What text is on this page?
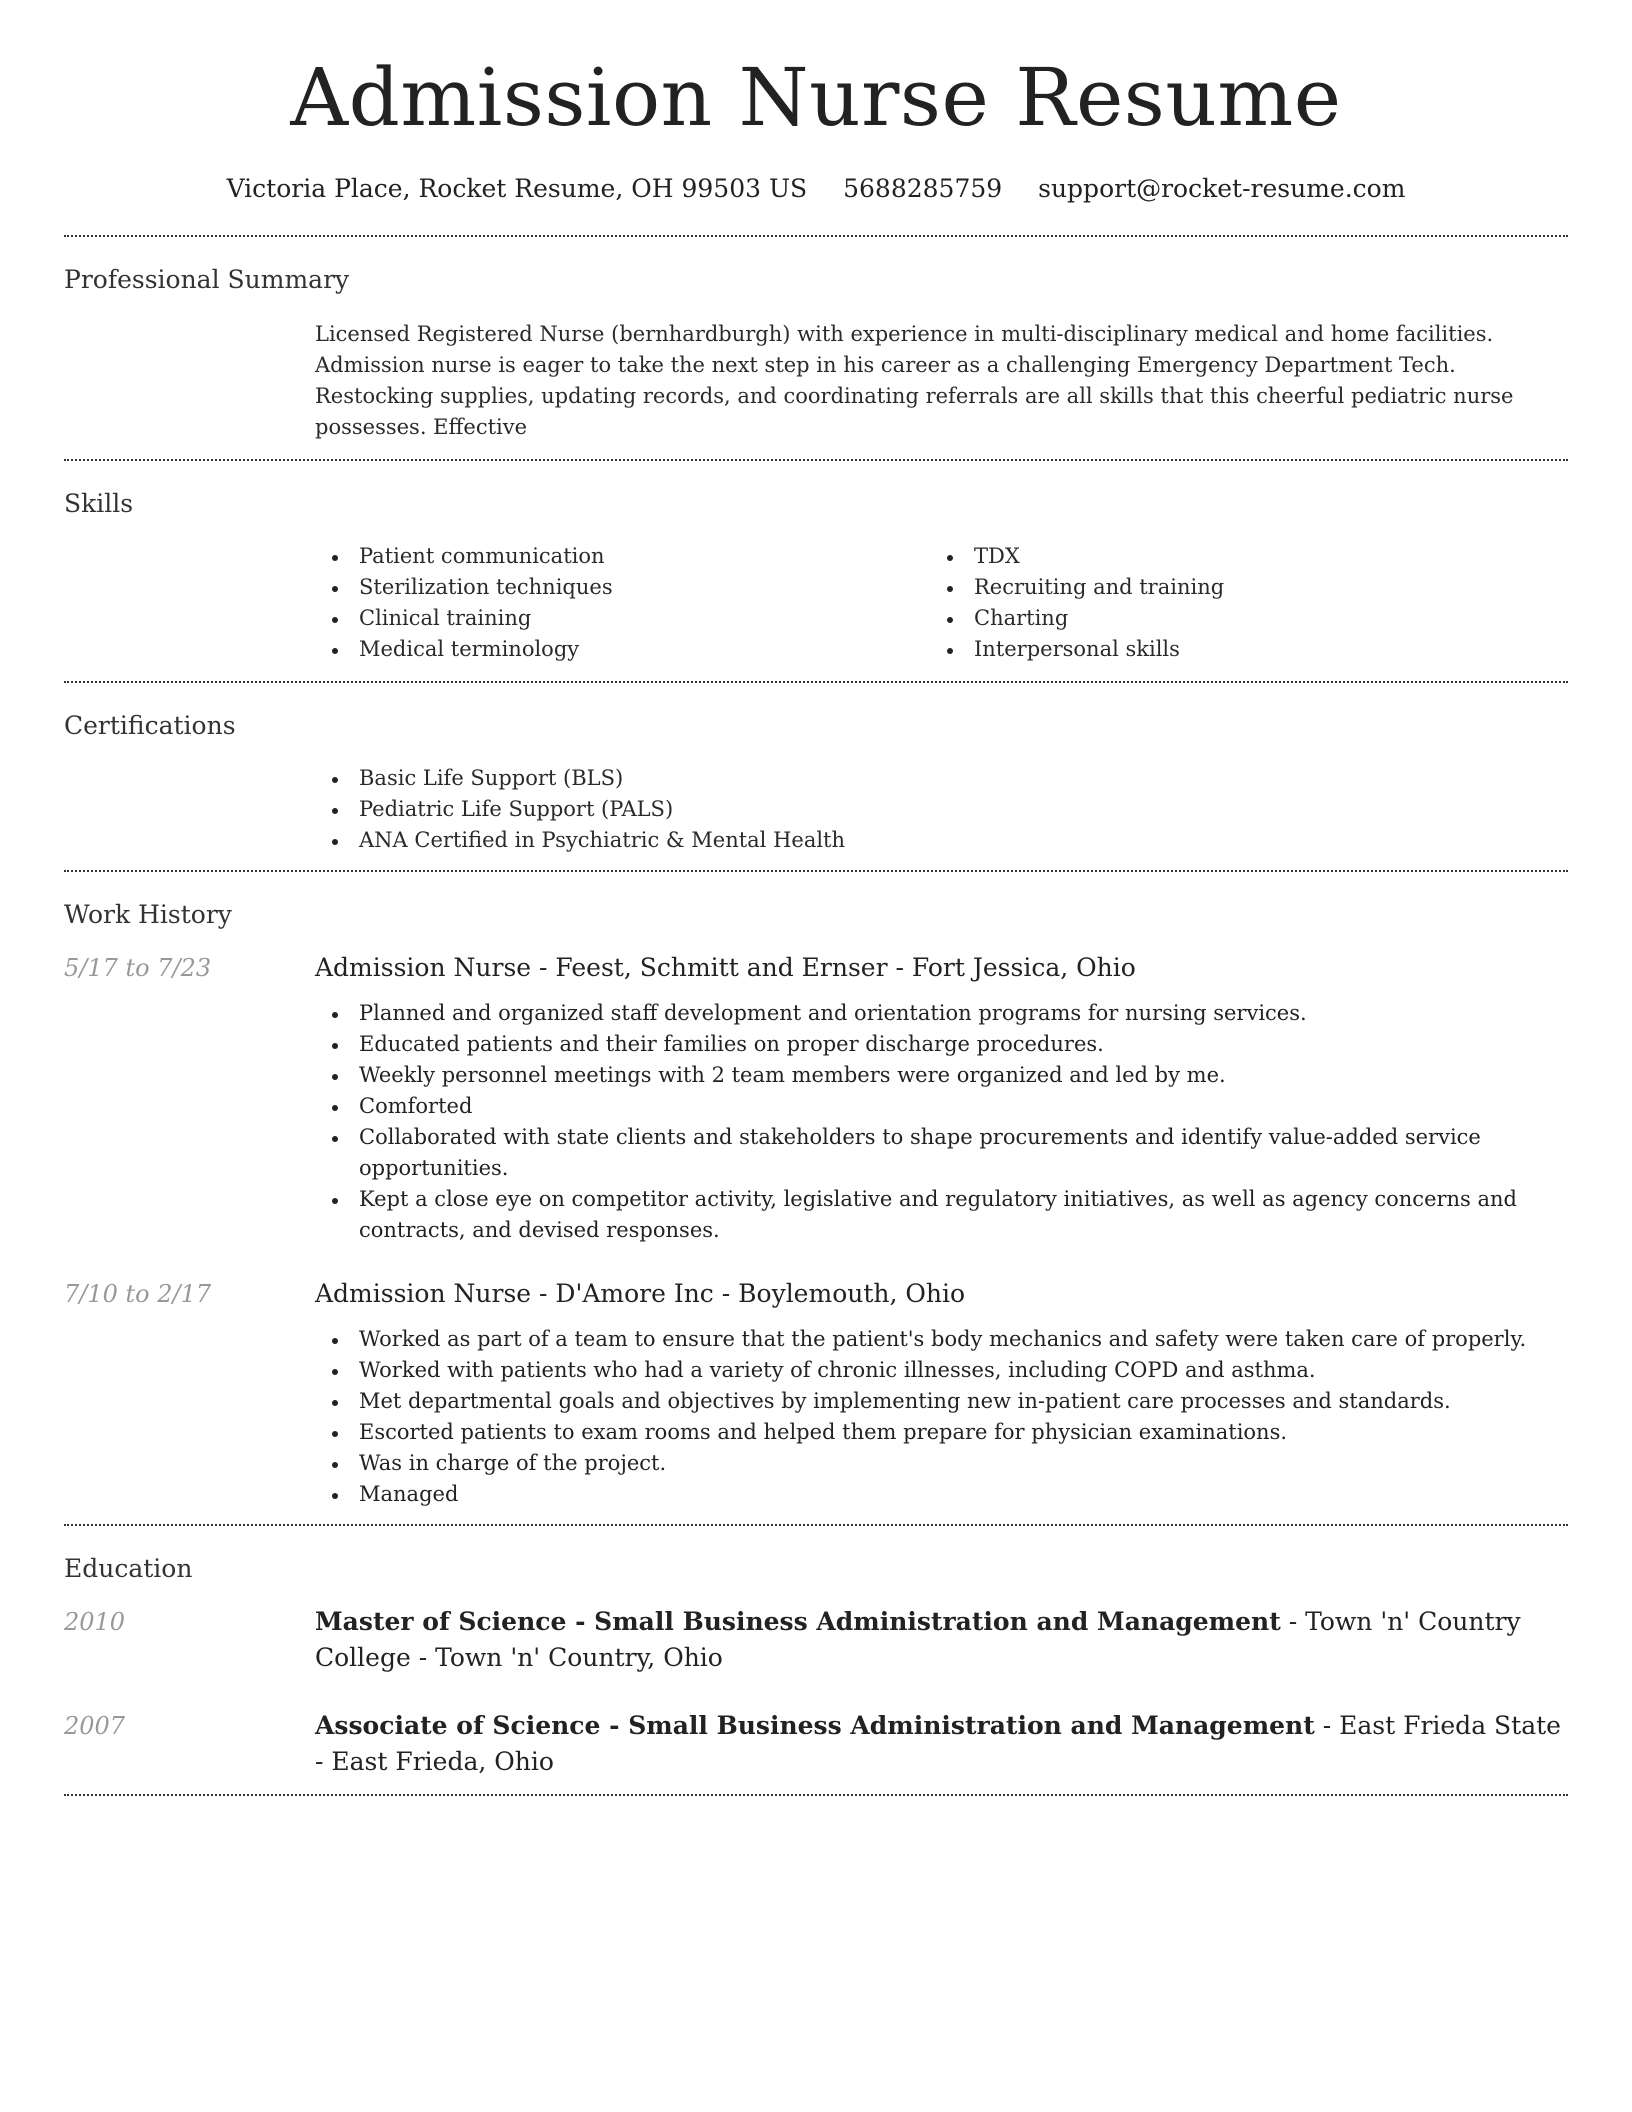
Admission Nurse Resume
Victoria Place, Rocket Resume, OH 99503 US 5688285759 support@rocket-resume.com
Professional Summary

Licensed Registered Nurse (bernhardburgh) with experience in multi-disciplinary medical and home facilities. Admission nurse is eager to take the next step in his career as a challenging Emergency Department Tech. Restocking supplies, updating records, and coordinating referrals are all skills that this cheerful pediatric nurse possesses. Effective

Skills
Patient communication
Sterilization techniques
Clinical training
Medical terminology
TDX
Recruiting and training
Charting
Interpersonal skills
Certifications
Basic Life Support (BLS)
Pediatric Life Support (PALS)
ANA Certified in Psychiatric & Mental Health
Work History
5/17 to 7/23	Admission Nurse - Feest, Schmitt and Ernser - Fort Jessica, Ohio
Planned and organized staff development and orientation programs for nursing services.
Educated patients and their families on proper discharge procedures.
Weekly personnel meetings with 2 team members were organized and led by me.
Comforted
Collaborated with state clients and stakeholders to shape procurements and identify value-added service opportunities.
Kept a close eye on competitor activity, legislative and regulatory initiatives, as well as agency concerns and contracts, and devised responses.
7/10 to 2/17	Admission Nurse - D'Amore Inc - Boylemouth, Ohio
Worked as part of a team to ensure that the patient's body mechanics and safety were taken care of properly.
Worked with patients who had a variety of chronic illnesses, including COPD and asthma.
Met departmental goals and objectives by implementing new in-patient care processes and standards.
Escorted patients to exam rooms and helped them prepare for physician examinations.
Was in charge of the project.
Managed
Education
2010	Master of Science - Small Business Administration and Management - Town 'n' Country College - Town 'n' Country, Ohio
2007	Associate of Science - Small Business Administration and Management - East Frieda State - East Frieda, Ohio
